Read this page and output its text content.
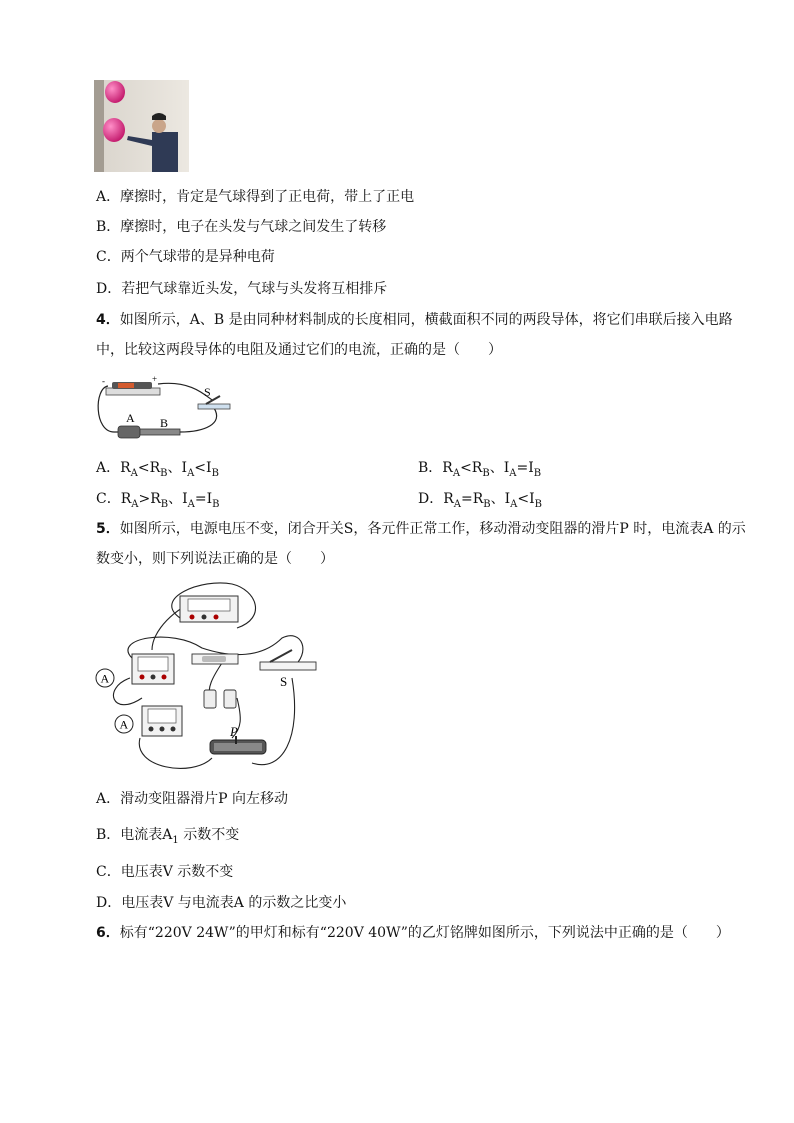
A．摩擦时，肯定是气球得到了正电荷，带上了正电
B．摩擦时，电子在头发与气球之间发生了转移
C．两个气球带的是异种电荷
D．若把气球靠近头发，气球与头发将互相排斥
4．如图所示，A、B 是由同种材料制成的长度相同，横截面积不同的两段导体，将它们串联后接入电路中，比较这两段导体的电阻及通过它们的电流，正确的是（　　）
-	+
S
A B
A．$R_A<R_B$、$I_A<I_B$	B．$R_A<R_B$、$I_A=I_B$
C．$R_A>R_B$、$I_A=I_B$	D．$R_A=R_B$、$I_A<I_B$
5．如图所示，电源电压不变，闭合开关S，各元件正常工作，移动滑动变阻器的滑片P 时，电流表A 的示数变小，则下列说法正确的是（　　）
A
A
S
P
A．滑动变阻器滑片P 向左移动
B．电流表$A_1$ 示数不变
C．电压表V 示数不变
D．电压表V 与电流表A 的示数之比变小
6．标有“220V 24W”的甲灯和标有“220V 40W”的乙灯铭牌如图所示，下列说法中正确的是（　　）
